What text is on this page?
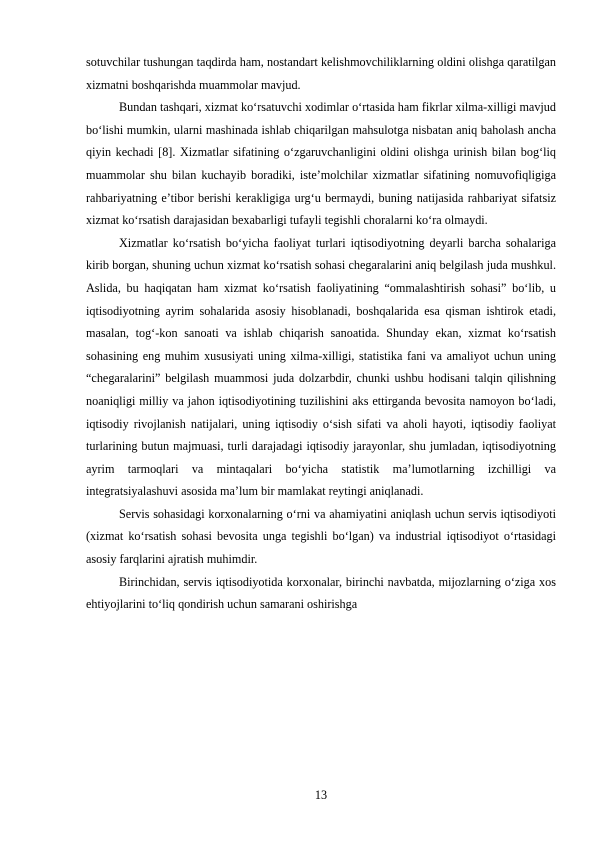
sotuvchilar tushungan taqdirda ham, nostandart kelishmovchiliklarning oldini olishga qaratilgan xizmatni boshqarishda muammolar mavjud.

Bundan tashqari, xizmat ko‘rsatuvchi xodimlar o‘rtasida ham fikrlar xilma-xilligi mavjud bo‘lishi mumkin, ularni mashinada ishlab chiqarilgan mahsulotga nisbatan aniq baholash ancha qiyin kechadi [8]. Xizmatlar sifatining o‘zgaruvchanligini oldini olishga urinish bilan bog‘liq muammolar shu bilan kuchayib boradiki, iste’molchilar xizmatlar sifatining nomuvofiqligiga rahbariyatning e’tibor berishi kerakligiga urg‘u bermaydi, buning natijasida rahbariyat sifatsiz xizmat ko‘rsatish darajasidan bexabarligi tufayli tegishli choralarni ko‘ra olmaydi.

Xizmatlar ko‘rsatish bo‘yicha faoliyat turlari iqtisodiyotning deyarli barcha sohalariga kirib borgan, shuning uchun xizmat ko‘rsatish sohasi chegaralarini aniq belgilash juda mushkul. Aslida, bu haqiqatan ham xizmat ko‘rsatish faoliyatining “ommalashtirish sohasi” bo‘lib, u iqtisodiyotning ayrim sohalarida asosiy hisoblanadi, boshqalarida esa qisman ishtirok etadi, masalan, tog‘-kon sanoati va ishlab chiqarish sanoatida. Shunday ekan, xizmat ko‘rsatish sohasining eng muhim xususiyati uning xilma-xilligi, statistika fani va amaliyot uchun uning “chegaralarini” belgilash muammosi juda dolzarbdir, chunki ushbu hodisani talqin qilishning noaniqligi milliy va jahon iqtisodiyotining tuzilishini aks ettirganda bevosita namoyon bo‘ladi, iqtisodiy rivojlanish natijalari, uning iqtisodiy o‘sish sifati va aholi hayoti, iqtisodiy faoliyat turlarining butun majmuasi, turli darajadagi iqtisodiy jarayonlar, shu jumladan, iqtisodiyotning ayrim tarmoqlari va mintaqalari bo‘yicha statistik ma’lumotlarning izchilligi va integratsiyalashuvi asosida ma’lum bir mamlakat reytingi aniqlanadi.

Servis sohasidagi korxonalarning o‘rni va ahamiyatini aniqlash uchun servis iqtisodiyoti (xizmat ko‘rsatish sohasi bevosita unga tegishli bo‘lgan) va industrial iqtisodiyot o‘rtasidagi asosiy farqlarini ajratish muhimdir.

Birinchidan, servis iqtisodiyotida korxonalar, birinchi navbatda, mijozlarning o‘ziga xos ehtiyojlarini to‘liq qondirish uchun samarani oshirishga

13
